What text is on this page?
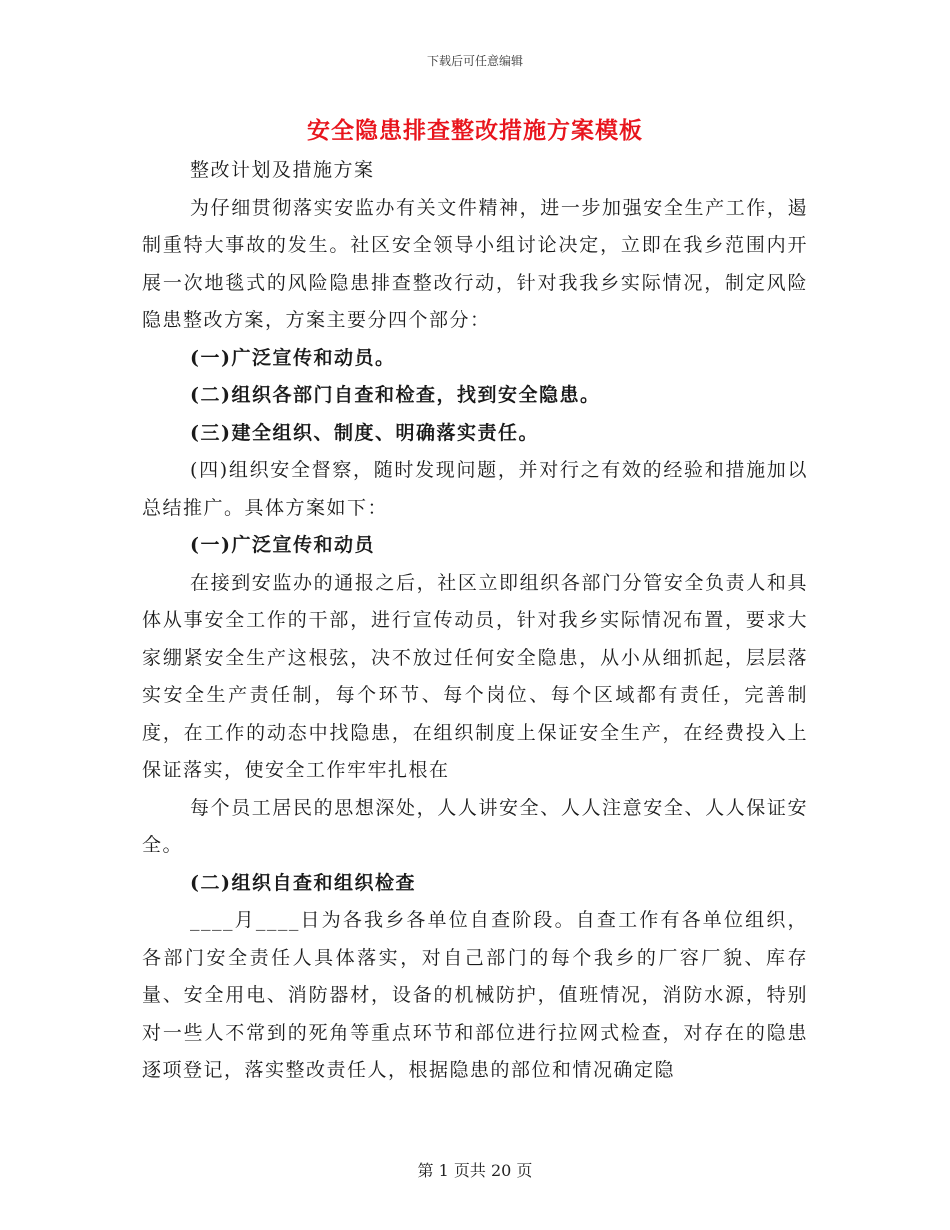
下载后可任意编辑
安全隐患排查整改措施方案模板

整改计划及措施方案

为仔细贯彻落实安监办有关文件精神，进一步加强安全生产工作，遏制重特大事故的发生。社区安全领导小组讨论决定，立即在我乡范围内开展一次地毯式的风险隐患排查整改行动，针对我我乡实际情况，制定风险隐患整改方案，方案主要分四个部分：

(一)广泛宣传和动员。

(二)组织各部门自查和检查，找到安全隐患。

(三)建全组织、制度、明确落实责任。

(四)组织安全督察，随时发现问题，并对行之有效的经验和措施加以总结推广。具体方案如下：

(一)广泛宣传和动员

在接到安监办的通报之后，社区立即组织各部门分管安全负责人和具体从事安全工作的干部，进行宣传动员，针对我乡实际情况布置，要求大家绷紧安全生产这根弦，决不放过任何安全隐患，从小从细抓起，层层落实安全生产责任制，每个环节、每个岗位、每个区域都有责任，完善制度，在工作的动态中找隐患，在组织制度上保证安全生产，在经费投入上保证落实，使安全工作牢牢扎根在

每个员工居民的思想深处，人人讲安全、人人注意安全、人人保证安全。

(二)组织自查和组织检查

____月____日为各我乡各单位自查阶段。自查工作有各单位组织，各部门安全责任人具体落实，对自己部门的每个我乡的厂容厂貌、库存量、安全用电、消防器材，设备的机械防护，值班情况，消防水源，特别对一些人不常到的死角等重点环节和部位进行拉网式检查，对存在的隐患逐项登记，落实整改责任人，根据隐患的部位和情况确定隐

第 1 页共 20 页
